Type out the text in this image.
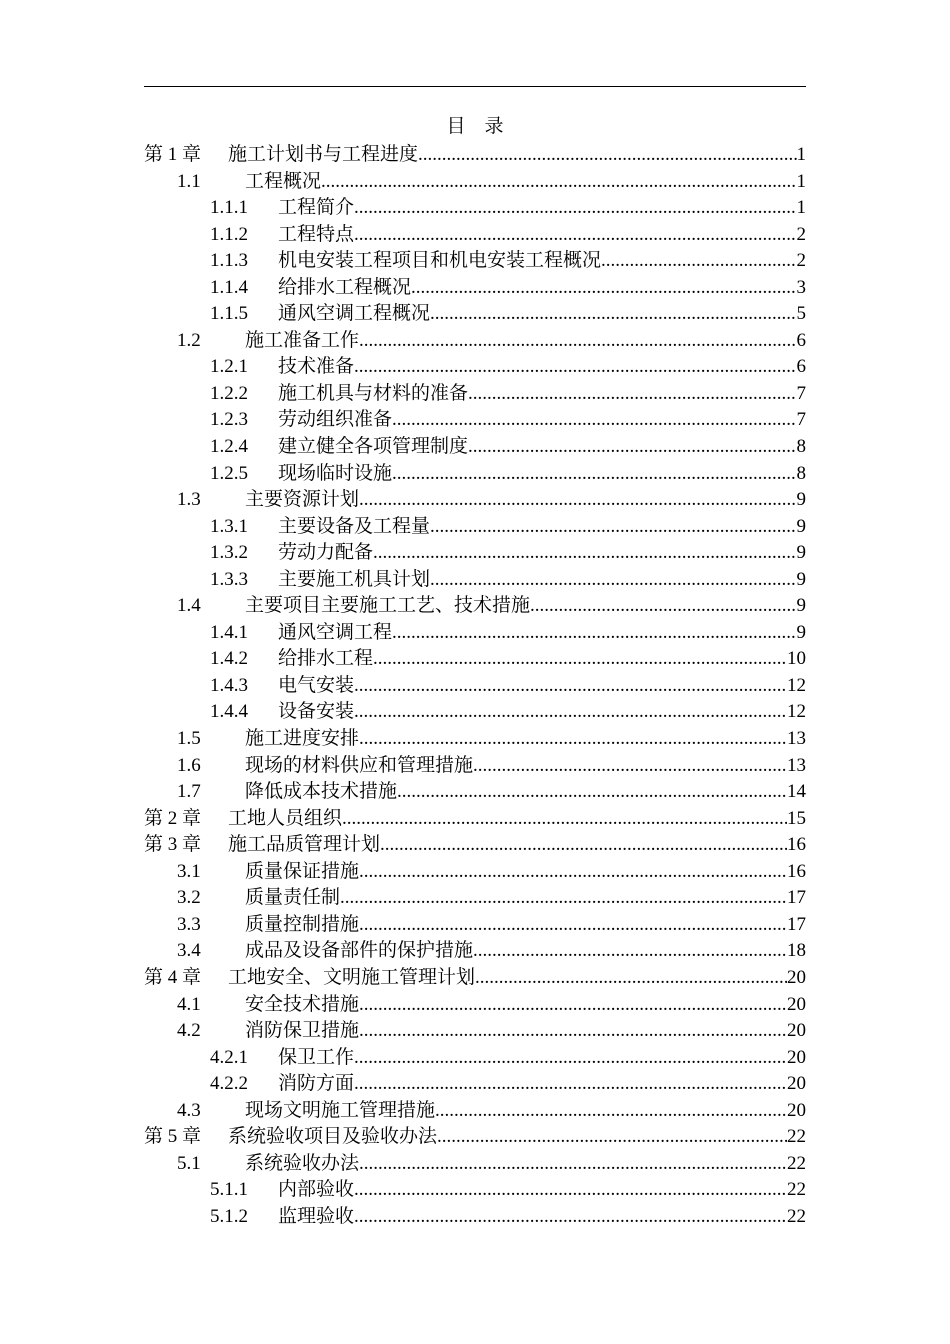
目　录
第 1 章	施工计划书与工程进度 .....	1
1.1	工程概况 .....	1
1.1.1	工程简介 .....	1
1.1.2	工程特点 .....	2
1.1.3	机电安装工程项目和机电安装工程概况 .....	2
1.1.4	给排水工程概况 .....	3
1.1.5	通风空调工程概况 .....	5
1.2	施工准备工作 .....	6
1.2.1	技术准备 .....	6
1.2.2	施工机具与材料的准备 .....	7
1.2.3	劳动组织准备 .....	7
1.2.4	建立健全各项管理制度 .....	8
1.2.5	现场临时设施 .....	8
1.3	主要资源计划 .....	9
1.3.1	主要设备及工程量 .....	9
1.3.2	劳动力配备 .....	9
1.3.3	主要施工机具计划 .....	9
1.4	主要项目主要施工工艺、技术措施 .....	9
1.4.1	通风空调工程 .....	9
1.4.2	给排水工程 .....	10
1.4.3	电气安装 .....	12
1.4.4	设备安装 .....	12
1.5	施工进度安排 .....	13
1.6	现场的材料供应和管理措施 .....	13
1.7	降低成本技术措施 .....	14
第 2 章	工地人员组织 .....	15
第 3 章	施工品质管理计划 .....	16
3.1	质量保证措施 .....	16
3.2	质量责任制 .....	17
3.3	质量控制措施 .....	17
3.4	成品及设备部件的保护措施 .....	18
第 4 章	工地安全、文明施工管理计划 .....	20
4.1	安全技术措施 .....	20
4.2	消防保卫措施 .....	20
4.2.1	保卫工作 .....	20
4.2.2	消防方面 .....	20
4.3	现场文明施工管理措施 .....	20
第 5 章	系统验收项目及验收办法 .....	22
5.1	系统验收办法 .....	22
5.1.1	内部验收 .....	22
5.1.2	监理验收 .....	22
